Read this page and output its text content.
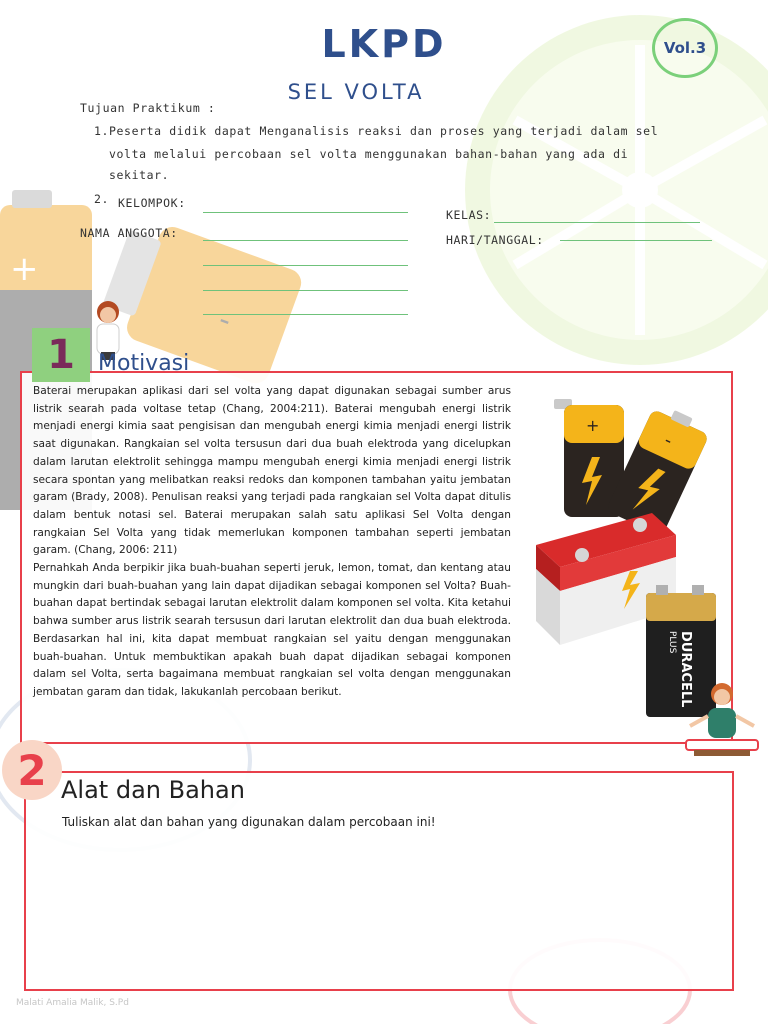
+
-
LKPD
SEL VOLTA
Vol.3
Tujuan Praktikum :
1. Peserta didik dapat Menganalisis reaksi dan proses yang terjadi dalam sel
volta melalui percobaan sel volta menggunakan bahan-bahan yang ada di
sekitar.
2. KELOMPOK:
NAMA ANGGOTA:
KELAS:
HARI/TANGGAL:
1	Motivasi

Baterai merupakan aplikasi dari sel volta yang dapat digunakan sebagai sumber arus listrik searah pada voltase tetap (Chang, 2004:211). Baterai mengubah energi listrik menjadi energi kimia saat pengisisan dan mengubah energi kimia menjadi energi listrik saat digunakan. Rangkaian sel volta tersusun dari dua buah elektroda yang dicelupkan dalam larutan elektrolit sehingga mampu mengubah energi kimia menjadi energi listrik secara spontan yang melibatkan reaksi redoks dan komponen tambahan yaitu jembatan garam (Brady, 2008). Penulisan reaksi yang terjadi pada rangkaian sel Volta dapat ditulis dalam bentuk notasi sel. Baterai merupakan salah satu aplikasi Sel Volta dengan rangkaian Sel Volta yang tidak memerlukan komponen tambahan seperti jembatan garam. (Chang, 2006: 211)

Pernahkah Anda berpikir jika buah-buahan seperti jeruk, lemon, tomat, dan kentang atau mungkin dari buah-buahan yang lain dapat dijadikan sebagai komponen sel Volta? Buah-buahan dapat bertindak sebagai larutan elektrolit dalam komponen sel volta. Kita ketahui bahwa sumber arus listrik searah tersusun dari larutan elektrolit dan dua buah elektroda. Berdasarkan hal ini, kita dapat membuat rangkaian sel yaitu dengan menggunakan buah-buahan. Untuk membuktikan apakah buah dapat dijadikan sebagai komponen dalam sel Volta, serta bagaimana membuat rangkaian sel volta dengan menggunakan jembatan garam dan tidak, lakukanlah percobaan berikut.

+
-
DURACELL
PLUS
2 Alat dan Bahan
Tuliskan alat dan bahan yang digunakan dalam percobaan ini!
Malati Amalia Malik, S.Pd
